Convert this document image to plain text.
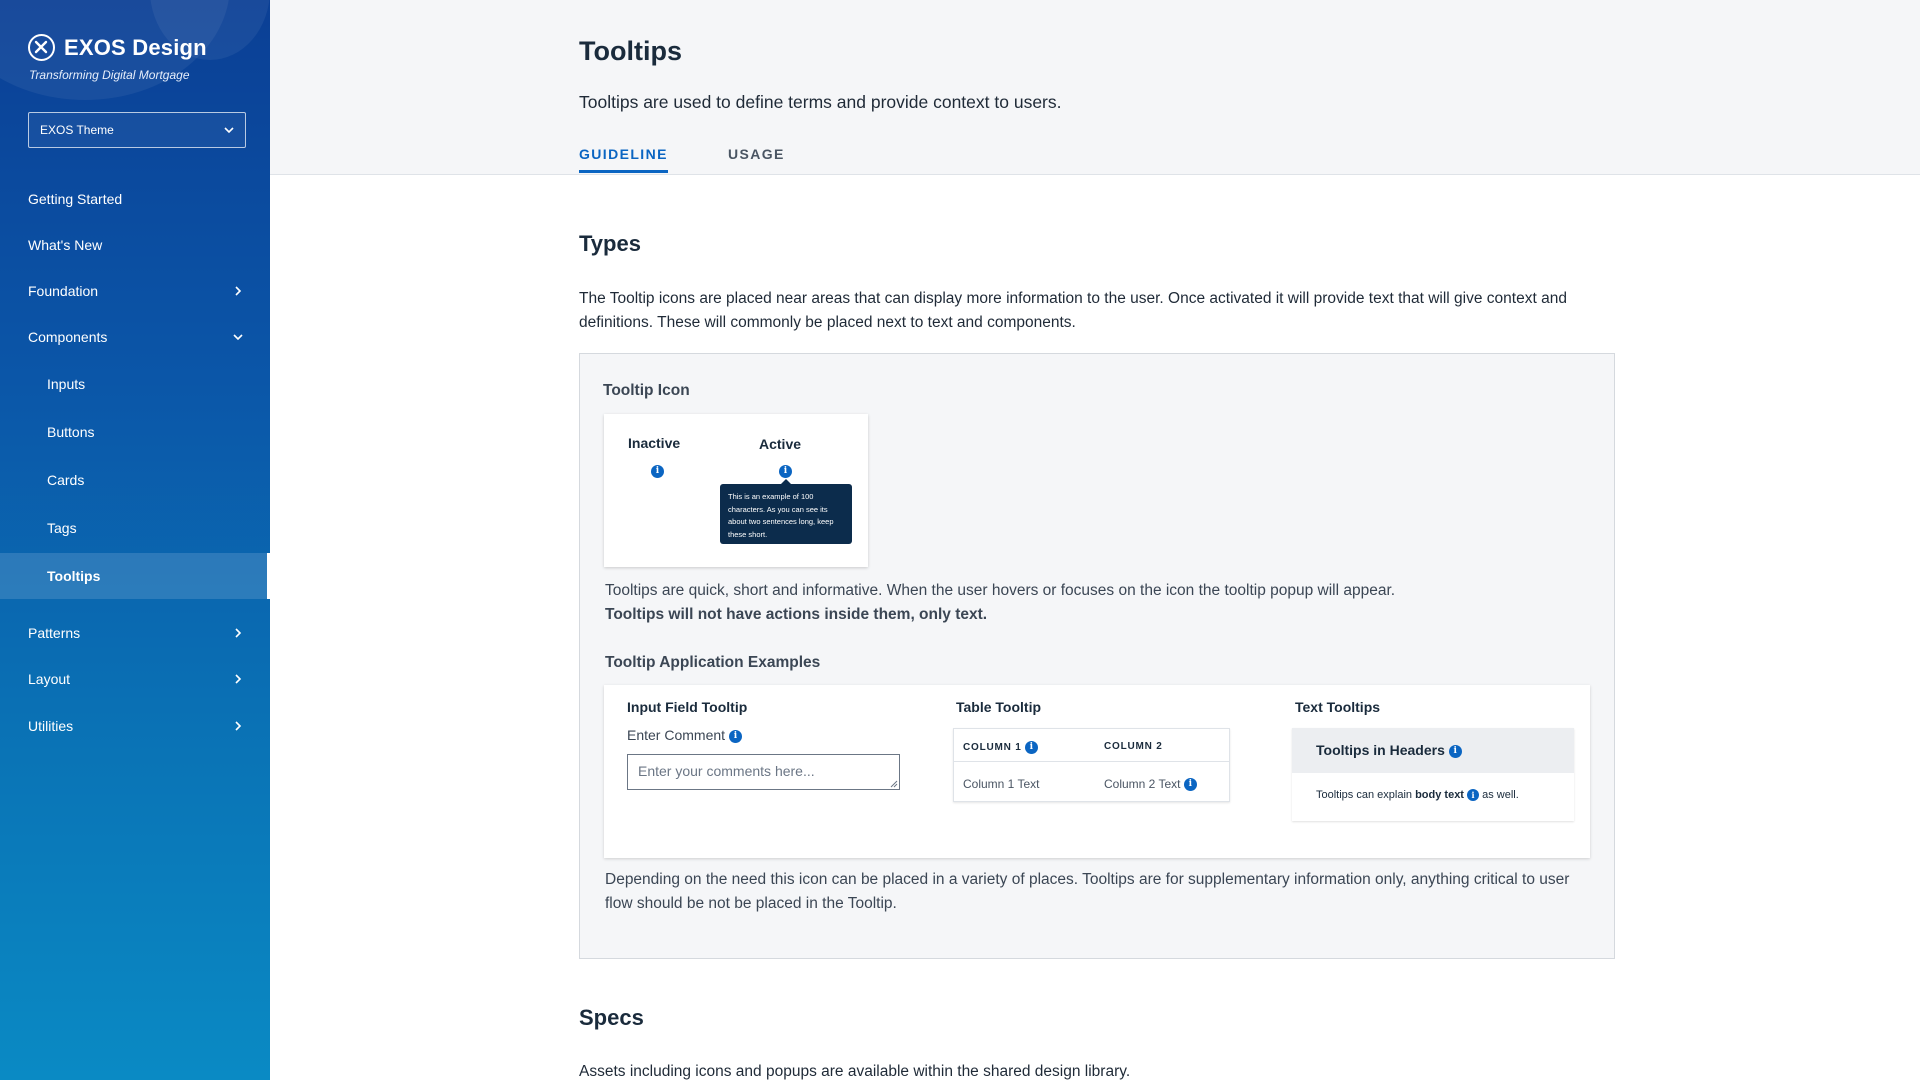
EXOS Design
Transforming Digital Mortgage
EXOS Theme
Getting Started
What's New
Foundation
Components
Inputs
Buttons
Cards
Tags
Tooltips
Patterns
Layout
Utilities
Tooltips

Tooltips are used to define terms and provide context to users.

GUIDELINE	USAGE
Types

The Tooltip icons are placed near areas that can display more information to the user. Once activated it will provide text that will give context and definitions. These will commonly be placed next to text and components.

Tooltip Icon
Inactive
i
Active
i
This is an example of 100 characters. As you can see its about two sentences long, keep these short.
Tooltips are quick, short and informative. When the user hovers or focuses on the icon the tooltip popup will appear.
Tooltips will not have actions inside them, only text.
Tooltip Application Examples
Input Field Tooltip
Enter Comment i
Enter your comments here...
Table Tooltip
COLUMN 1 i	COLUMN 2
Column 1 Text	Column 2 Text i
Text Tooltips
Tooltips in Headers i
Tooltips can explain body text i as well.

Depending on the need this icon can be placed in a variety of places. Tooltips are for supplementary information only, anything critical to user flow should be not be placed in the Tooltip.

Specs

Assets including icons and popups are available within the shared design library.
